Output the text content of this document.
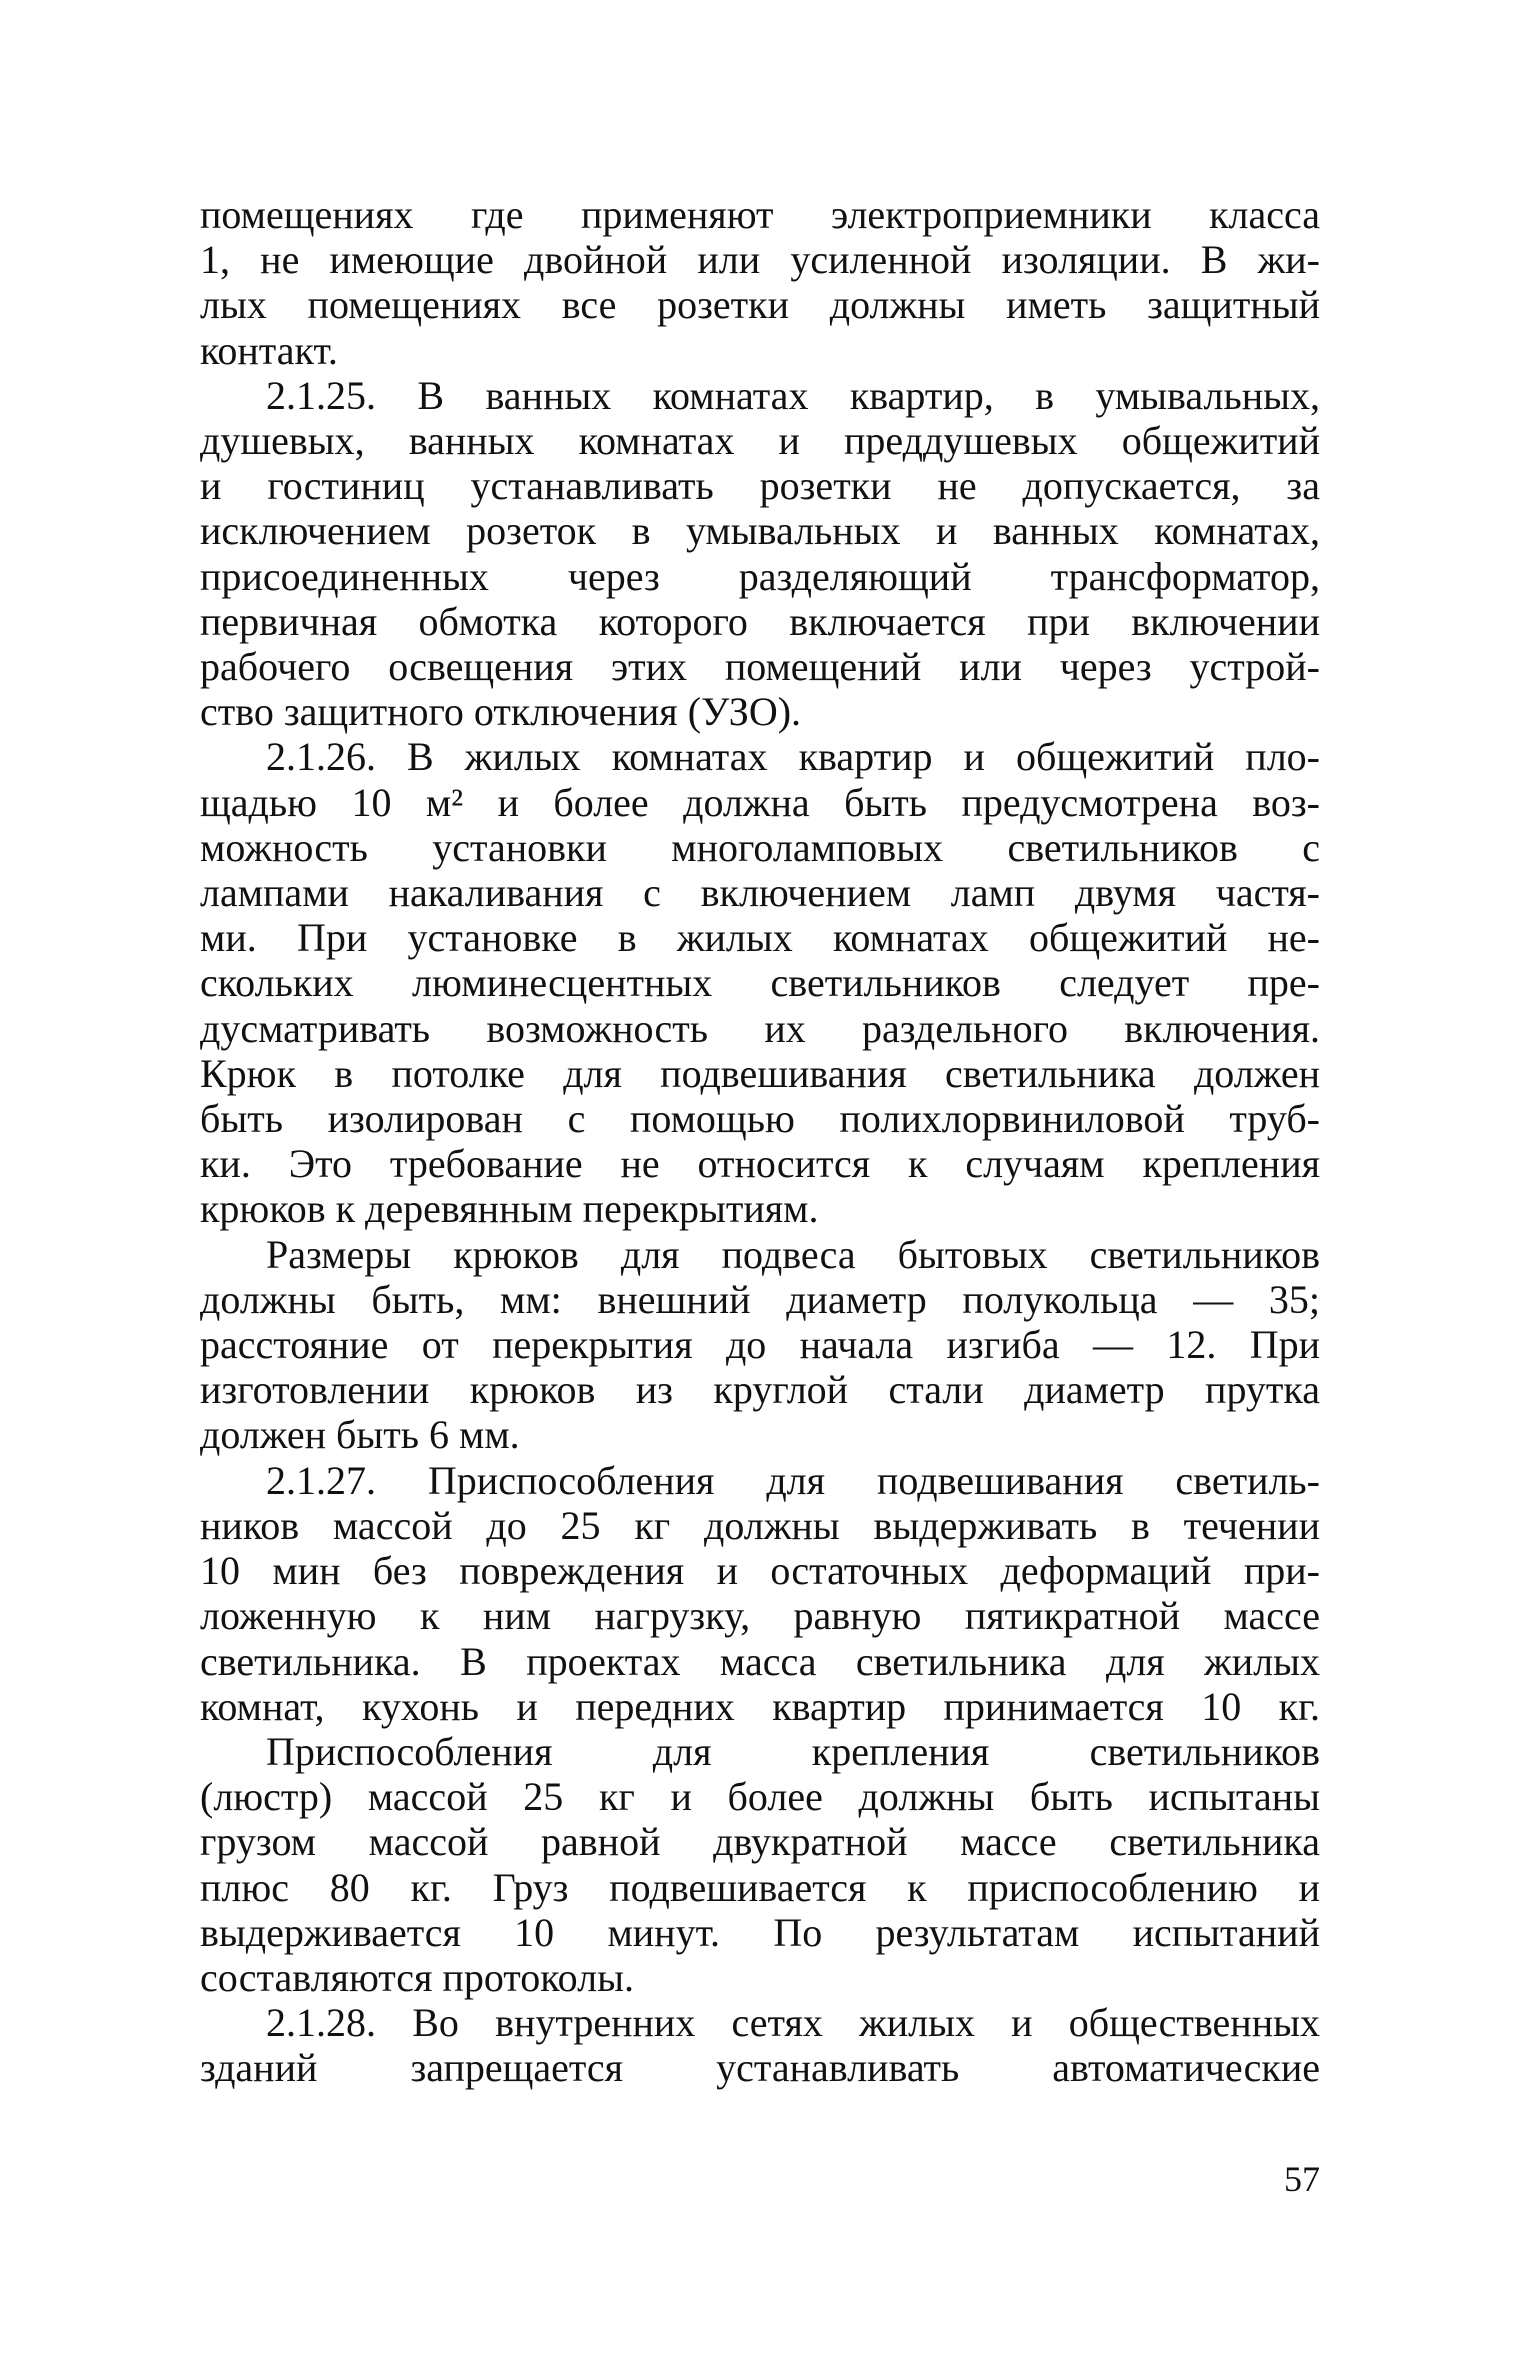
помещениях где применяют электроприемники класса
1, не имеющие двойной или усиленной изоляции. В жи-
лых помещениях все розетки должны иметь защитный
контакт.
2.1.25. В ванных комнатах квартир, в умывальных,
душевых, ванных комнатах и преддушевых общежитий
и гостиниц устанавливать розетки не допускается, за
исключением розеток в умывальных и ванных комнатах,
присоединенных через разделяющий трансформатор,
первичная обмотка которого включается при включении
рабочего освещения этих помещений или через устрой-
ство защитного отключения (УЗО).
2.1.26. В жилых комнатах квартир и общежитий пло-
щадью 10 м² и более должна быть предусмотрена воз-
можность установки многоламповых светильников с
лампами накаливания с включением ламп двумя частя-
ми. При установке в жилых комнатах общежитий не-
скольких люминесцентных светильников следует пре-
дусматривать возможность их раздельного включения.
Крюк в потолке для подвешивания светильника должен
быть изолирован с помощью полихлорвиниловой труб-
ки. Это требование не относится к случаям крепления
крюков к деревянным перекрытиям.
Размеры крюков для подвеса бытовых светильников
должны быть, мм: внешний диаметр полукольца — 35;
расстояние от перекрытия до начала изгиба — 12. При
изготовлении крюков из круглой стали диаметр прутка
должен быть 6 мм.
2.1.27. Приспособления для подвешивания светиль-
ников массой до 25 кг должны выдерживать в течении
10 мин без повреждения и остаточных деформаций при-
ложенную к ним нагрузку, равную пятикратной массе
светильника. В проектах масса светильника для жилых
комнат, кухонь и передних квартир принимается 10 кг.
Приспособления для крепления светильников
(люстр) массой 25 кг и более должны быть испытаны
грузом массой равной двукратной массе светильника
плюс 80 кг. Груз подвешивается к приспособлению и
выдерживается 10 минут. По результатам испытаний
составляются протоколы.
2.1.28. Во внутренних сетях жилых и общественных
зданий запрещается устанавливать автоматические
57
